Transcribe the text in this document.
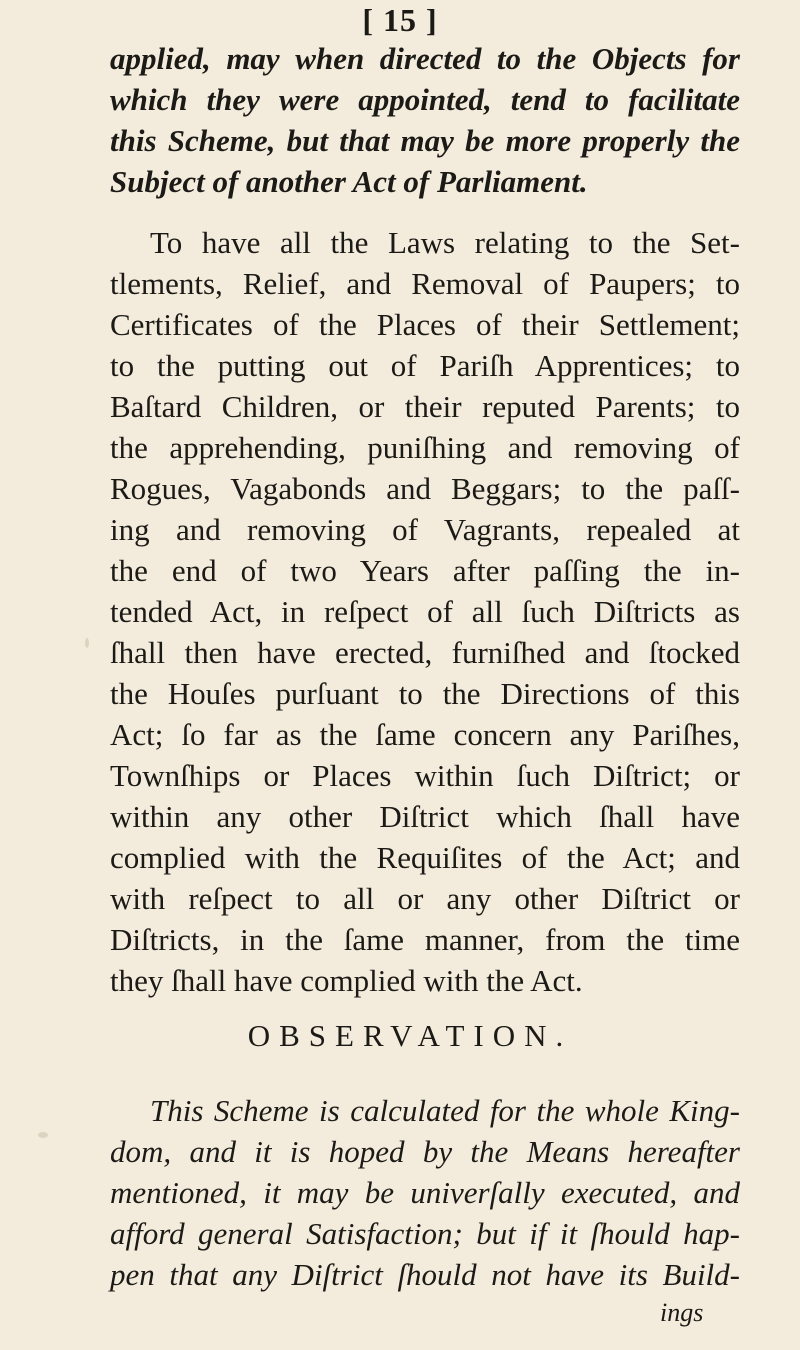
[ 15 ]
applied, may when directed to the Objects for
which they were appointed, tend to facilitate
this Scheme, but that may be more properly the
Subject of another Act of Parliament.
To have all the Laws relating to the Set-
tlements, Relief, and Removal of Paupers; to
Certificates of the Places of their Settlement;
to the putting out of Pariſh Apprentices; to
Baſtard Children, or their reputed Parents; to
the apprehending, puniſhing and removing of
Rogues, Vagabonds and Beggars; to the paſſ-
ing and removing of Vagrants, repealed at
the end of two Years after paſſing the in-
tended Act, in reſpect of all ſuch Diſtricts as
ſhall then have erected, furniſhed and ſtocked
the Houſes purſuant to the Directions of this
Act; ſo far as the ſame concern any Pariſhes,
Townſhips or Places within ſuch Diſtrict; or
within any other Diſtrict which ſhall have
complied with the Requiſites of the Act; and
with reſpect to all or any other Diſtrict or
Diſtricts, in the ſame manner, from the time
they ſhall have complied with the Act.
OBSERVATION.
This Scheme is calculated for the whole King-
dom, and it is hoped by the Means hereafter
mentioned, it may be univerſally executed, and
afford general Satisfaction; but if it ſhould hap-
pen that any Diſtrict ſhould not have its Build-
ings
